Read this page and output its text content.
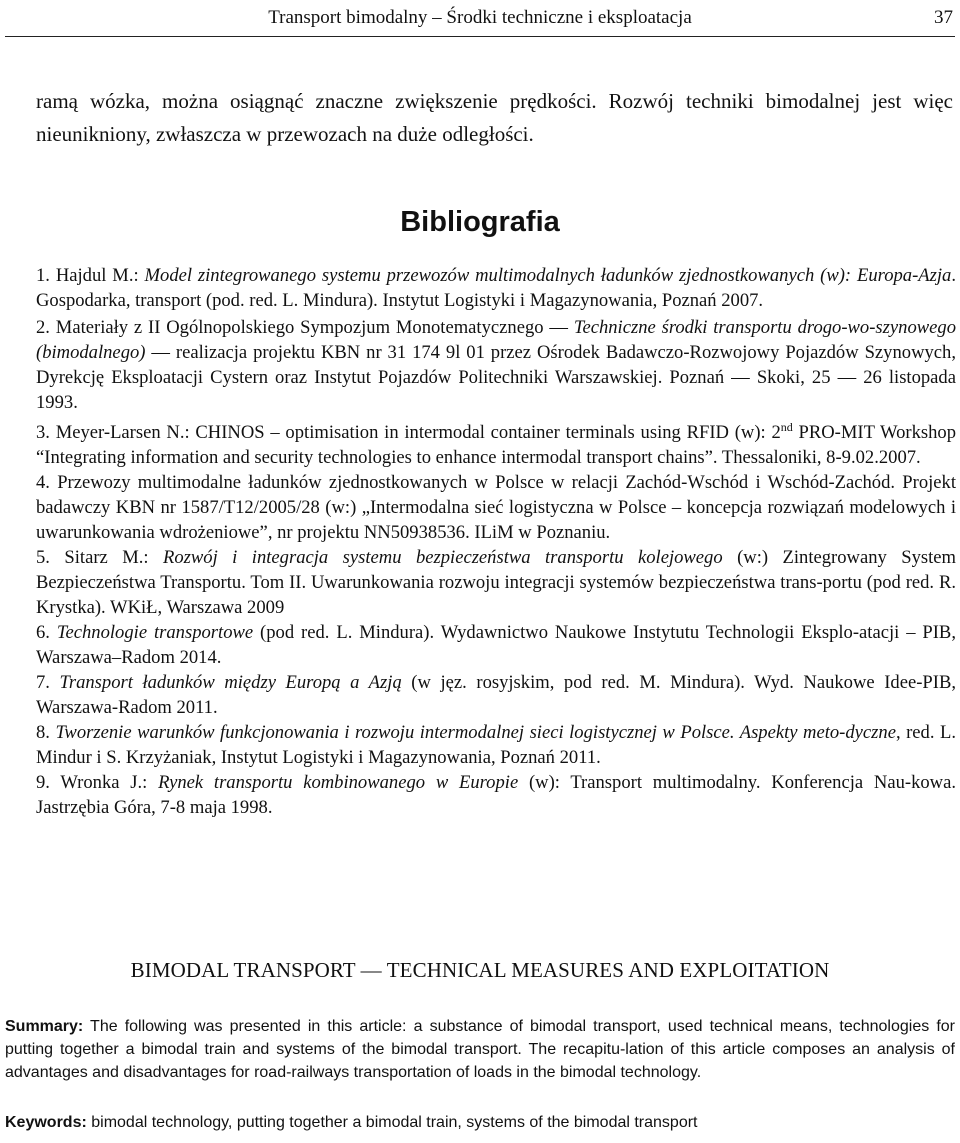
Transport bimodalny – Środki techniczne i eksploatacja	37
ramą wózka, można osiągnąć znaczne zwiększenie prędkości. Rozwój techniki bimodalnej jest więc nieunikniony, zwłaszcza w przewozach na duże odległości.
Bibliografia

1. Hajdul M.: Model zintegrowanego systemu przewozów multimodalnych ładunków zjednostkowanych (w): Europa-Azja. Gospodarka, transport (pod. red. L. Mindura). Instytut Logistyki i Magazynowania, Poznań 2007.

2. Materiały z II Ogólnopolskiego Sympozjum Monotematycznego — Techniczne środki transportu drogo-wo-szynowego (bimodalnego) — realizacja projektu KBN nr 31 174 9l 01 przez Ośrodek Badawczo-Rozwojowy Pojazdów Szynowych, Dyrekcję Eksploatacji Cystern oraz Instytut Pojazdów Politechniki Warszawskiej. Poznań — Skoki, 25 — 26 listopada 1993.

3. Meyer-Larsen N.: CHINOS – optimisation in intermodal container terminals using RFID (w): 2nd PRO-MIT Workshop “Integrating information and security technologies to enhance intermodal transport chains”. Thessaloniki, 8-9.02.2007.

4. Przewozy multimodalne ładunków zjednostkowanych w Polsce w relacji Zachód-Wschód i Wschód-Zachód. Projekt badawczy KBN nr 1587/T12/2005/28 (w:) „Intermodalna sieć logistyczna w Polsce – koncepcja rozwiązań modelowych i uwarunkowania wdrożeniowe”, nr projektu NN50938536. ILiM w Poznaniu.

5. Sitarz M.: Rozwój i integracja systemu bezpieczeństwa transportu kolejowego (w:) Zintegrowany System Bezpieczeństwa Transportu. Tom II. Uwarunkowania rozwoju integracji systemów bezpieczeństwa trans-portu (pod red. R. Krystka). WKiŁ, Warszawa 2009

6. Technologie transportowe (pod red. L. Mindura). Wydawnictwo Naukowe Instytutu Technologii Eksplo-atacji – PIB, Warszawa–Radom 2014.

7. Transport ładunków między Europą a Azją (w jęz. rosyjskim, pod red. M. Mindura). Wyd. Naukowe Idee-PIB, Warszawa-Radom 2011.

8. Tworzenie warunków funkcjonowania i rozwoju intermodalnej sieci logistycznej w Polsce. Aspekty meto-dyczne, red. L. Mindur i S. Krzyżaniak, Instytut Logistyki i Magazynowania, Poznań 2011.

9. Wronka J.: Rynek transportu kombinowanego w Europie (w): Transport multimodalny. Konferencja Nau-kowa. Jastrzębia Góra, 7-8 maja 1998.

BIMODAL TRANSPORT — TECHNICAL MEASURES AND EXPLOITATION
Summary: The following was presented in this article: a substance of bimodal transport, used technical means, technologies for putting together a bimodal train and systems of the bimodal transport. The recapitu-lation of this article composes an analysis of advantages and disadvantages for road-railways transportation of loads in the bimodal technology.
Keywords: bimodal technology, putting together a bimodal train, systems of the bimodal transport
